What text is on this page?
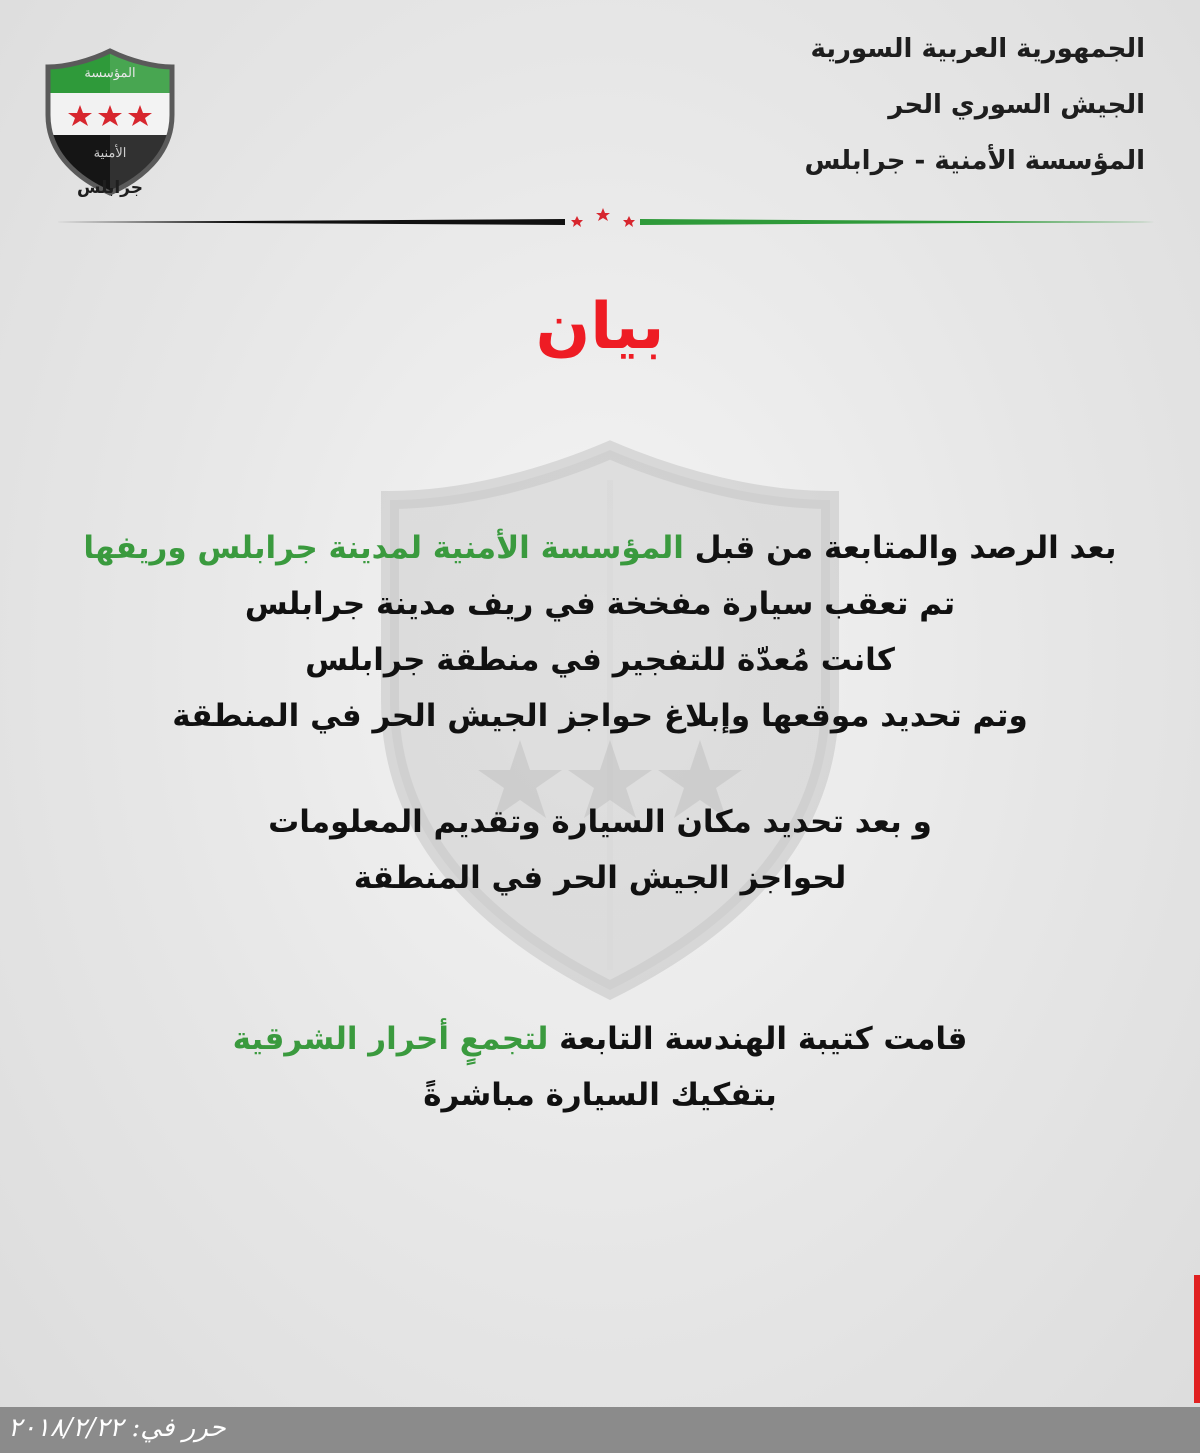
الجمهورية العربية السورية
الجيش السوري الحر
المؤسسة الأمنية - جرابلس
المؤسسة
الأمنية
جرابلس
بيان

بعد الرصد والمتابعة من قبل المؤسسة الأمنية لمدينة جرابلس وريفها

تم تعقب سيارة مفخخة في ريف مدينة جرابلس

كانت مُعدّة للتفجير في منطقة جرابلس

وتم تحديد موقعها وإبلاغ حواجز الجيش الحر في المنطقة

و بعد تحديد مكان السيارة وتقديم المعلومات

لحواجز الجيش الحر في المنطقة

قامت كتيبة الهندسة التابعة لتجمعٍ أحرار الشرقية

بتفكيك السيارة مباشرةً

حرر في: ٢٠١٨/٢/٢٢
